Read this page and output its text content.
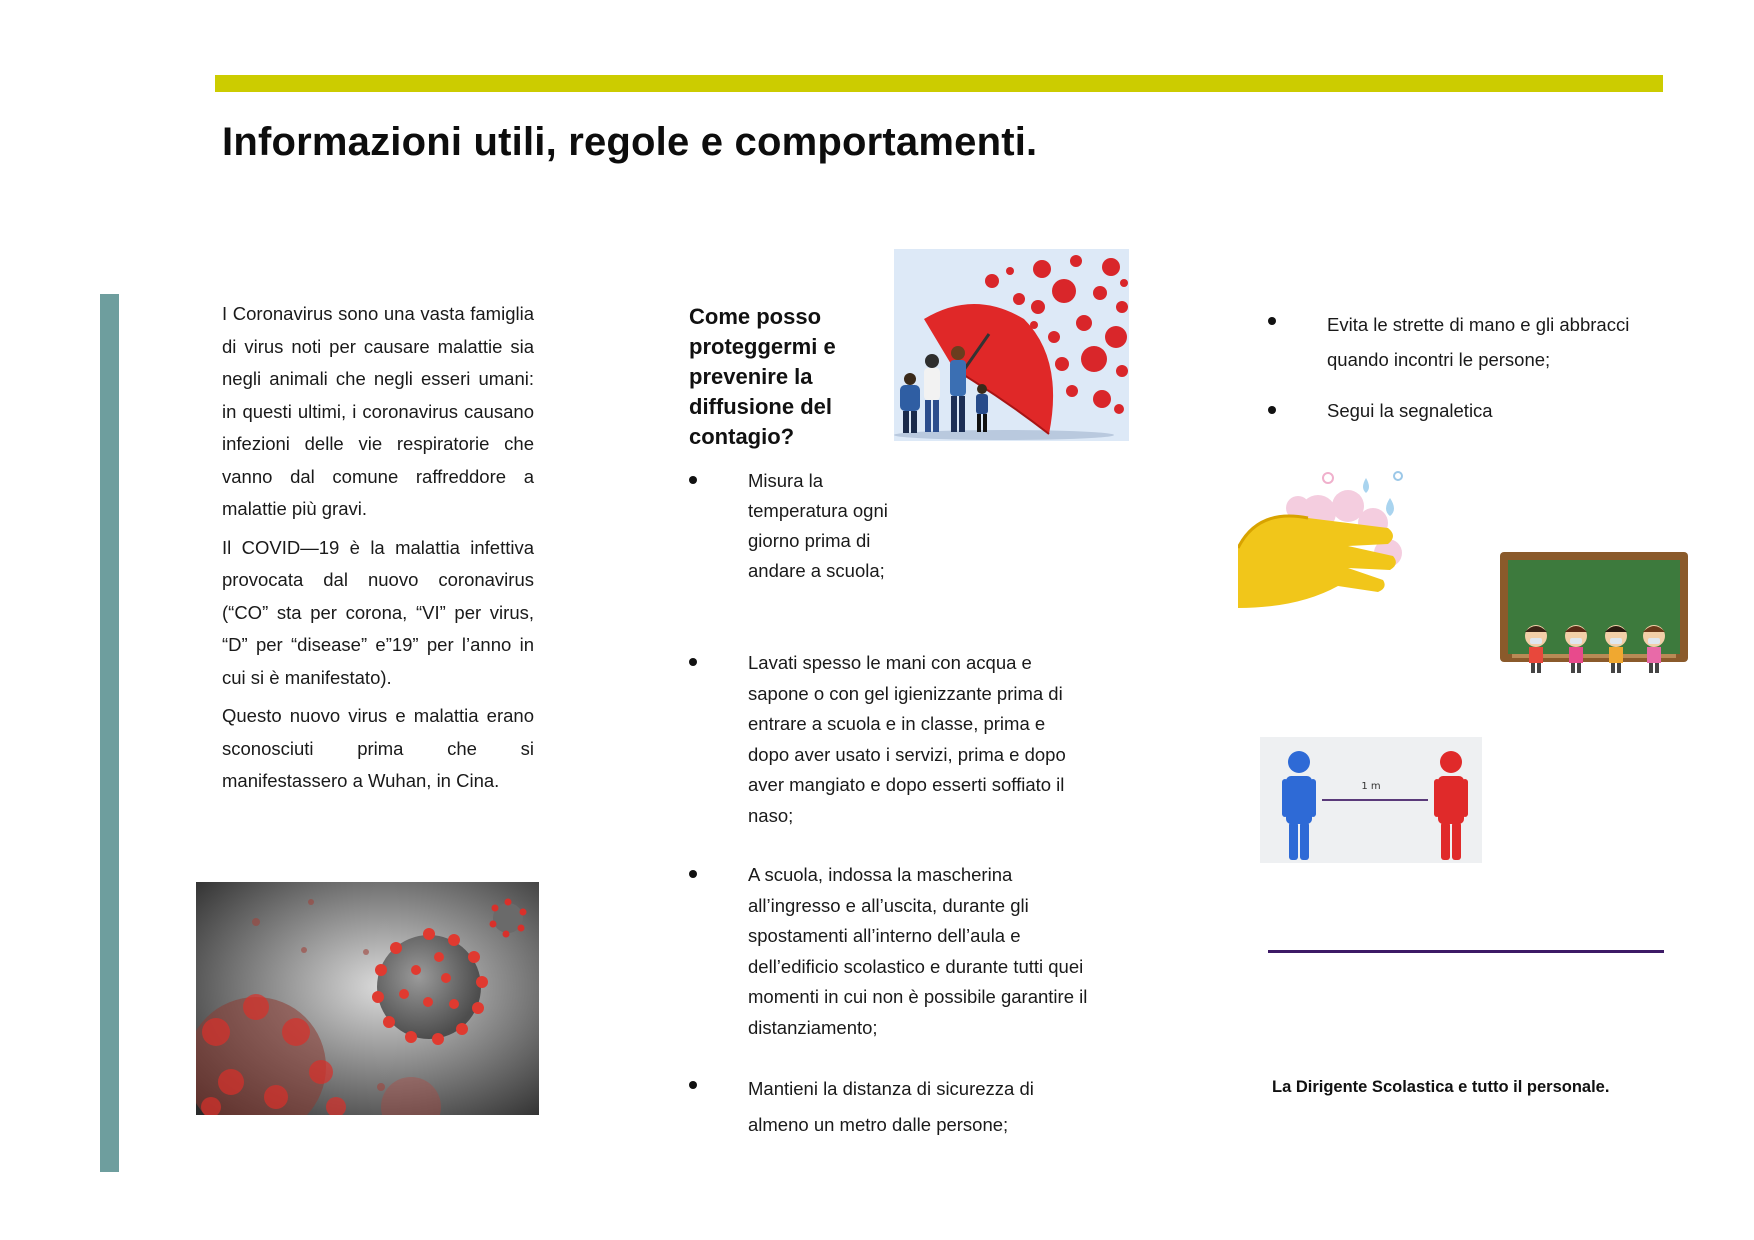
Informazioni utili, regole e comportamenti.

I Coronavirus sono una vasta famiglia di virus noti per causare malattie sia negli animali che negli esseri umani: in questi ultimi, i coronavirus causano infezioni delle vie respiratorie che vanno dal comune raffreddore a malattie più gravi.

Il COVID—19 è la malattia infettiva provocata dal nuovo coronavirus (“CO” sta per corona, “VI” per virus, “D” per “disease” e”19” per l’anno in cui si è manifestato).

Questo nuovo virus e malattia erano sconosciuti prima che si manifestassero a Wuhan, in Cina.

Come posso proteggermi e prevenire la diffusione del contagio?
Misura la temperatura ogni giorno prima di andare a scuola;
Lavati spesso le mani con acqua e sapone o con gel igienizzante prima di entrare a scuola e in classe, prima e dopo aver usato i servizi, prima e dopo aver mangiato e dopo esserti soffiato il naso;
A scuola, indossa la mascherina all’ingresso e all’uscita, durante gli spostamenti all’interno dell’aula e dell’edificio scolastico e durante tutti quei momenti in cui non è possibile garantire il distanziamento;
Mantieni la distanza di sicurezza di almeno un metro dalle persone;
Evita le strette di mano e gli abbracci quando incontri le persone;
Segui la segnaletica
1 m
La Dirigente Scolastica e tutto il personale.
